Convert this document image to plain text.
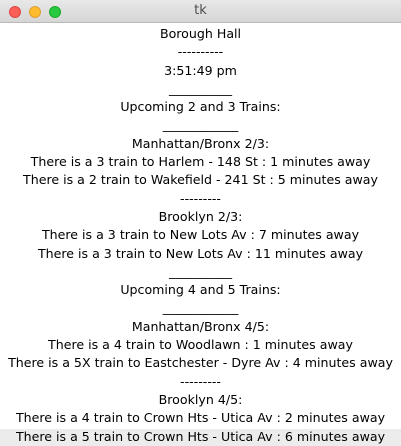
tk
Borough Hall
----------
3:51:49 pm
__________
Upcoming 2 and 3 Trains:
____________
Manhattan/Bronx 2/3:
There is a 3 train to Harlem - 148 St : 1 minutes away
There is a 2 train to Wakefield - 241 St : 5 minutes away
---------
Brooklyn 2/3:
There is a 3 train to New Lots Av : 7 minutes away
There is a 3 train to New Lots Av : 11 minutes away
__________
Upcoming 4 and 5 Trains:
____________
Manhattan/Bronx 4/5:
There is a 4 train to Woodlawn : 1 minutes away
There is a 5X train to Eastchester - Dyre Av : 4 minutes away
---------
Brooklyn 4/5:
There is a 4 train to Crown Hts - Utica Av : 2 minutes away
There is a 5 train to Crown Hts - Utica Av : 6 minutes away
